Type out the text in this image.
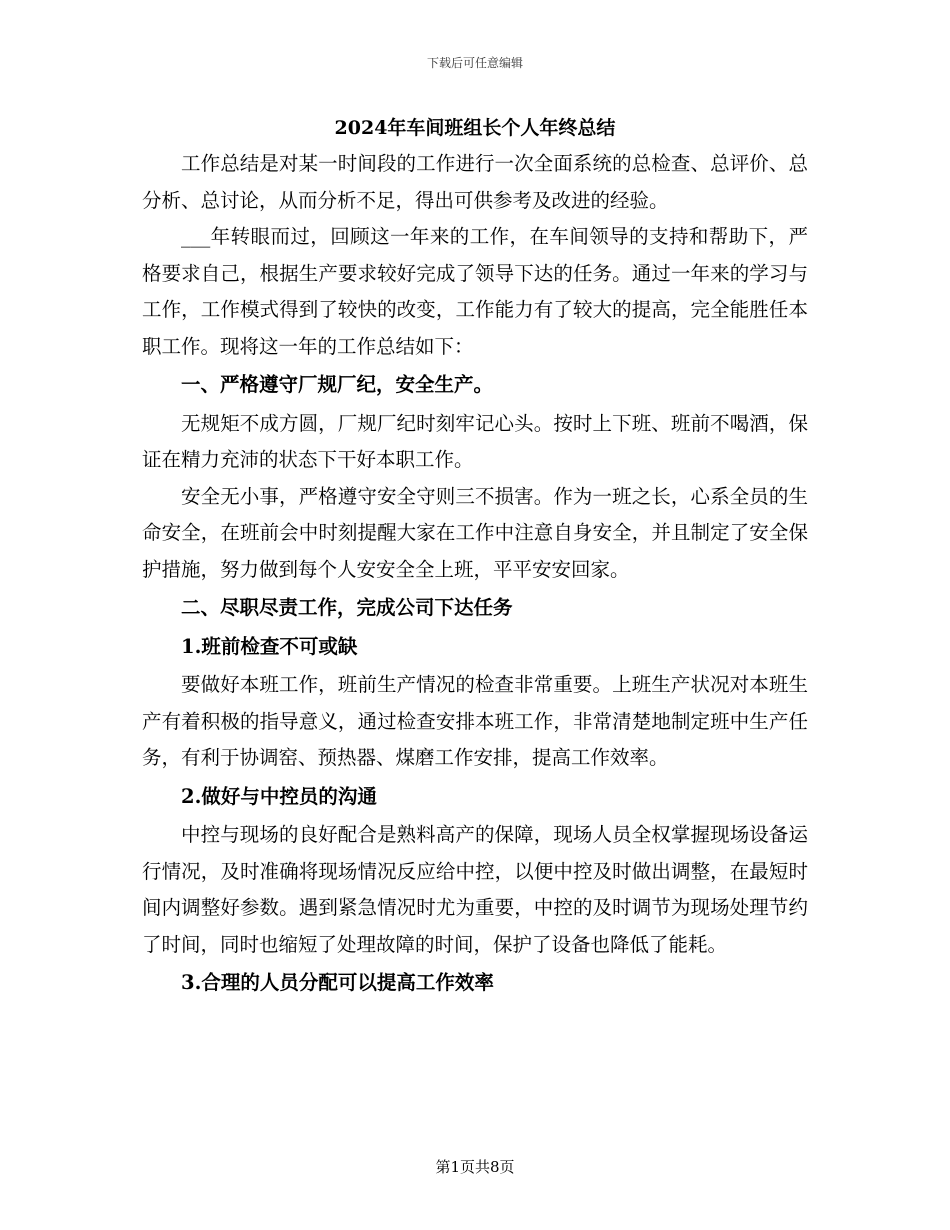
下载后可任意编辑
2024年车间班组长个人年终总结

工作总结是对某一时间段的工作进行一次全面系统的总检查、总评价、总分析、总讨论，从而分析不足，得出可供参考及改进的经验。

___年转眼而过，回顾这一年来的工作，在车间领导的支持和帮助下，严格要求自己，根据生产要求较好完成了领导下达的任务。通过一年来的学习与工作，工作模式得到了较快的改变，工作能力有了较大的提高，完全能胜任本职工作。现将这一年的工作总结如下：

一、严格遵守厂规厂纪，安全生产。

无规矩不成方圆，厂规厂纪时刻牢记心头。按时上下班、班前不喝酒，保证在精力充沛的状态下干好本职工作。

安全无小事，严格遵守安全守则三不损害。作为一班之长，心系全员的生命安全，在班前会中时刻提醒大家在工作中注意自身安全，并且制定了安全保护措施，努力做到每个人安安全全上班，平平安安回家。

二、尽职尽责工作，完成公司下达任务
1.班前检查不可或缺

要做好本班工作，班前生产情况的检查非常重要。上班生产状况对本班生产有着积极的指导意义，通过检查安排本班工作，非常清楚地制定班中生产任务，有利于协调窑、预热器、煤磨工作安排，提高工作效率。

2.做好与中控员的沟通

中控与现场的良好配合是熟料高产的保障，现场人员全权掌握现场设备运行情况，及时准确将现场情况反应给中控，以便中控及时做出调整，在最短时间内调整好参数。遇到紧急情况时尤为重要，中控的及时调节为现场处理节约了时间，同时也缩短了处理故障的时间，保护了设备也降低了能耗。

3.合理的人员分配可以提高工作效率
第1页共8页
